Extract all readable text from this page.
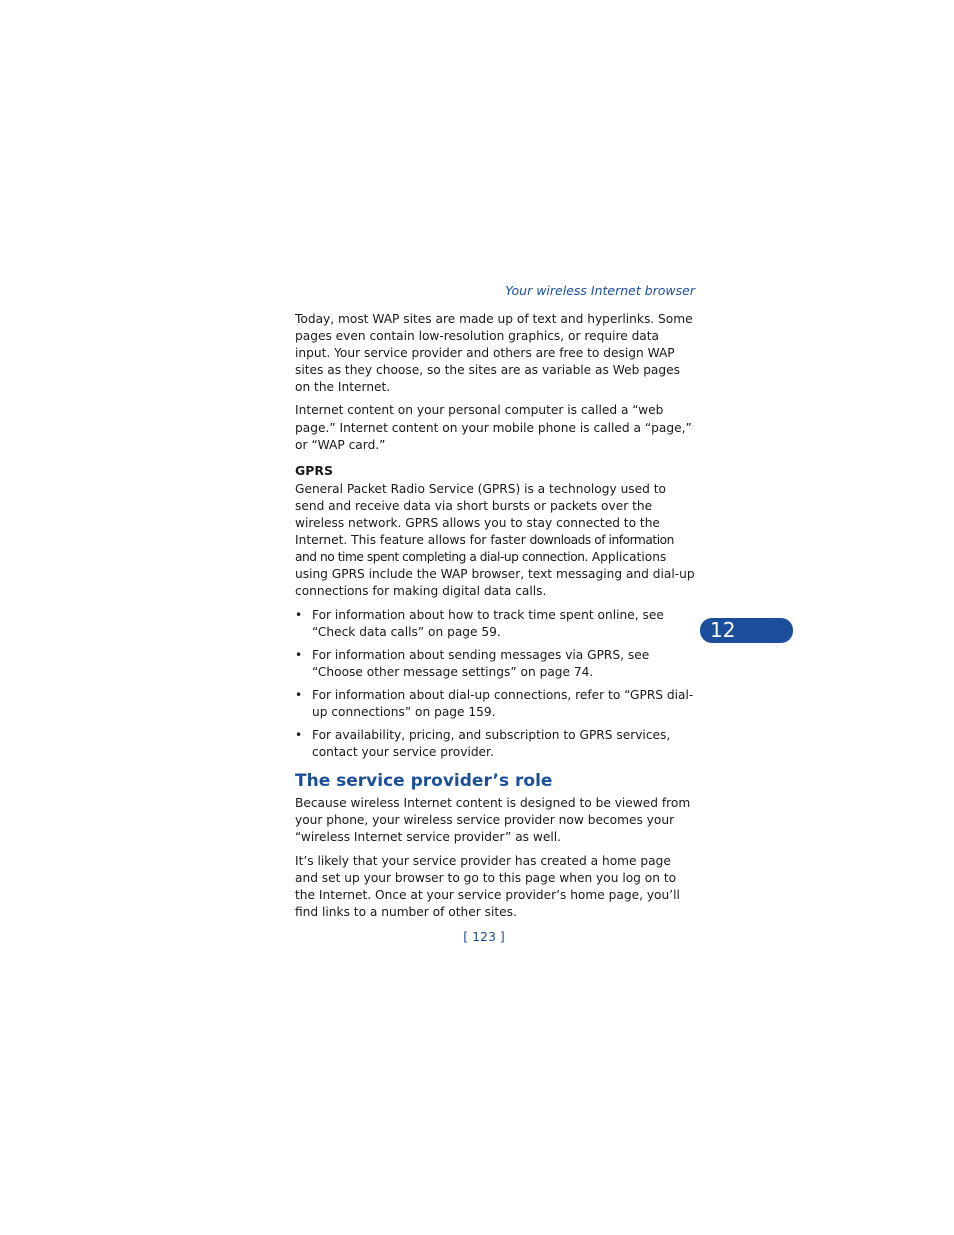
Your wireless Internet browser

Today, most WAP sites are made up of text and hyperlinks. Some pages even contain low-resolution graphics, or require data input. Your service provider and others are free to design WAP sites as they choose, so the sites are as variable as Web pages on the Internet.

Internet content on your personal computer is called a “web page.” Internet content on your mobile phone is called a “page,” or “WAP card.”

GPRS

General Packet Radio Service (GPRS) is a technology used to send and receive data via short bursts or packets over the wireless network. GPRS allows you to stay connected to the Internet. This feature allows for faster downloads of information and no time spent completing a dial-up connection. Applications using GPRS include the WAP browser, text messaging and dial-up connections for making digital data calls.

• For information about how to track time spent online, see “Check data calls” on page 59.
• For information about sending messages via GPRS, see “Choose other message settings” on page 74.
• For information about dial-up connections, refer to “GPRS dial-up connections” on page 159.
• For availability, pricing, and subscription to GPRS services, contact your service provider.
The service provider’s role

Because wireless Internet content is designed to be viewed from your phone, your wireless service provider now becomes your “wireless Internet service provider” as well.

It’s likely that your service provider has created a home page and set up your browser to go to this page when you log on to the Internet. Once at your service provider’s home page, you’ll find links to a number of other sites.

12
[ 123 ]
